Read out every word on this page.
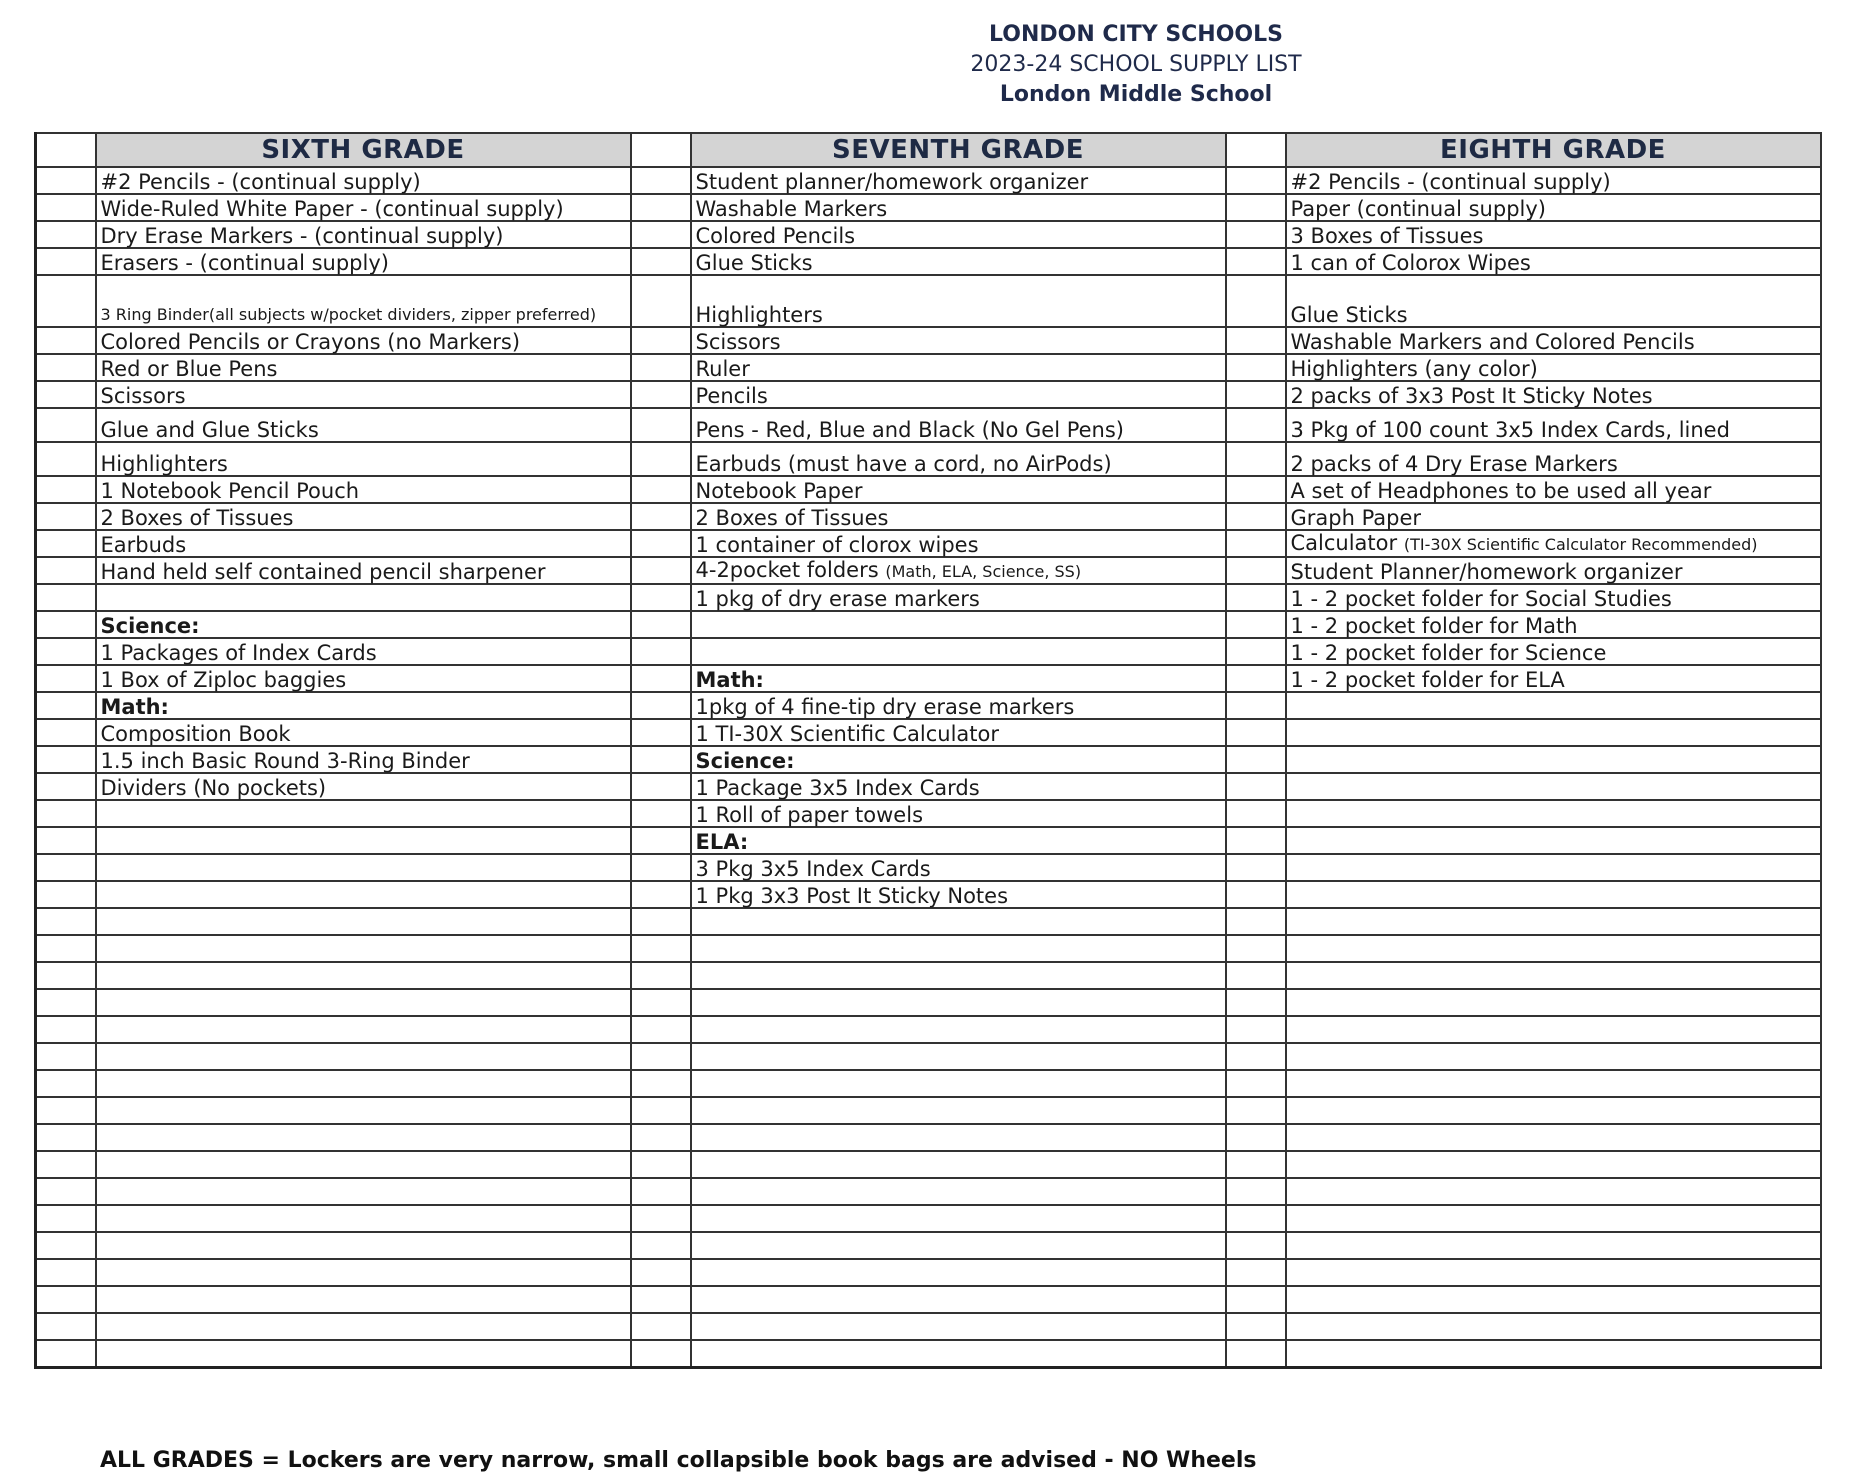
LONDON CITY SCHOOLS
2023-24 SCHOOL SUPPLY LIST
London Middle School
	SIXTH GRADE		SEVENTH GRADE		EIGHTH GRADE
	#2 Pencils - (continual supply)		Student planner/homework organizer		#2 Pencils - (continual supply)
	Wide-Ruled White Paper - (continual supply)		Washable Markers		Paper (continual supply)
	Dry Erase Markers - (continual supply)		Colored Pencils		3 Boxes of Tissues
	Erasers - (continual supply)		Glue Sticks		1 can of Colorox Wipes
	3 Ring Binder(all subjects w/pocket dividers, zipper preferred)		Highlighters		Glue Sticks
	Colored Pencils or Crayons (no Markers)		Scissors		Washable Markers and Colored Pencils
	Red or Blue Pens		Ruler		Highlighters (any color)
	Scissors		Pencils		2 packs of 3x3 Post It Sticky Notes
	Glue and Glue Sticks		Pens - Red, Blue and Black (No Gel Pens)		3 Pkg of 100 count 3x5 Index Cards, lined
	Highlighters		Earbuds (must have a cord, no AirPods)		2 packs of 4 Dry Erase Markers
	1 Notebook Pencil Pouch		Notebook Paper		A set of Headphones to be used all year
	2 Boxes of Tissues		2 Boxes of Tissues		Graph Paper
	Earbuds		1 container of clorox wipes		Calculator (TI-30X Scientific Calculator Recommended)
	Hand held self contained pencil sharpener		4-2pocket folders (Math, ELA, Science, SS)		Student Planner/homework organizer
			1 pkg of dry erase markers		1 - 2 pocket folder for Social Studies
	Science:				1 - 2 pocket folder for Math
	1 Packages of Index Cards				1 - 2 pocket folder for Science
	1 Box of Ziploc baggies		Math:		1 - 2 pocket folder for ELA
	Math:		1pkg of 4 fine-tip dry erase markers		
	Composition Book		1 TI-30X Scientific Calculator		
	1.5 inch Basic Round 3-Ring Binder		Science:		
	Dividers (No pockets)		1 Package 3x5 Index Cards		
			1 Roll of paper towels		
			ELA:		
			3 Pkg 3x5 Index Cards		
			1 Pkg 3x3 Post It Sticky Notes		

ALL GRADES = Lockers are very narrow, small collapsible book bags are advised - NO Wheels
